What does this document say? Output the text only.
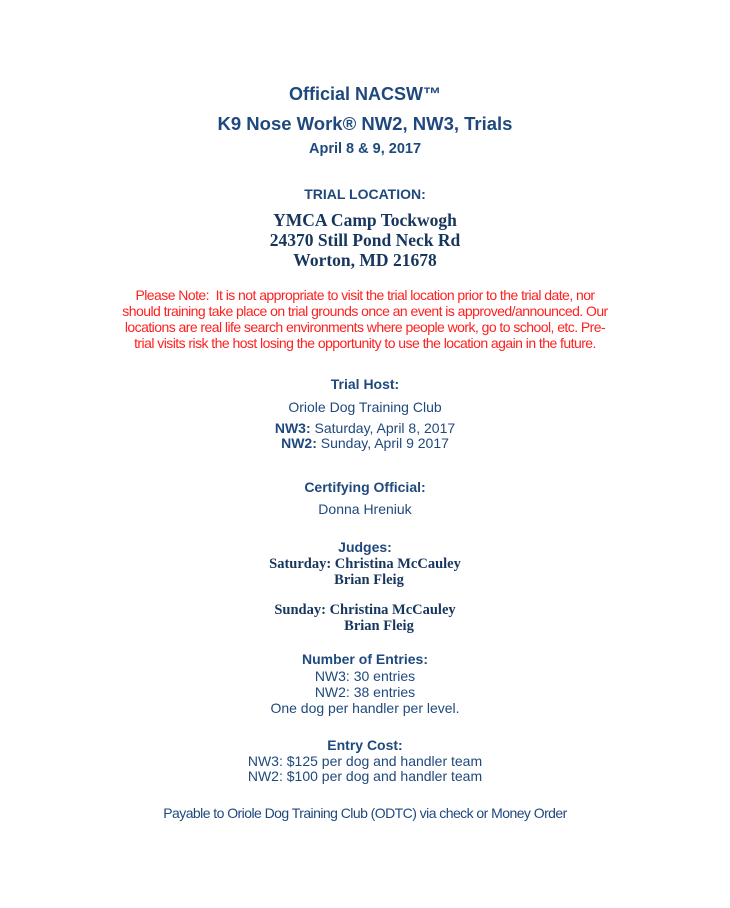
Official NACSW™
K9 Nose Work® NW2, NW3, Trials
April 8 & 9, 2017
TRIAL LOCATION:
YMCA Camp Tockwogh
24370 Still Pond Neck Rd
Worton, MD 21678
Please Note:  It is not appropriate to visit the trial location prior to the trial date, nor
should training take place on trial grounds once an event is approved/announced. Our
locations are real life search environments where people work, go to school, etc. Pre-
trial visits risk the host losing the opportunity to use the location again in the future.
Trial Host:
Oriole Dog Training Club
NW3: Saturday, April 8, 2017
NW2: Sunday, April 9 2017
Certifying Official:
Donna Hreniuk
Judges:
Saturday: Christina McCauley
Brian Fleig
Sunday: Christina McCauley
Brian Fleig
Number of Entries:
NW3: 30 entries
NW2: 38 entries
One dog per handler per level.
Entry Cost:
NW3: $125 per dog and handler team
NW2: $100 per dog and handler team
Payable to Oriole Dog Training Club (ODTC) via check or Money Order
